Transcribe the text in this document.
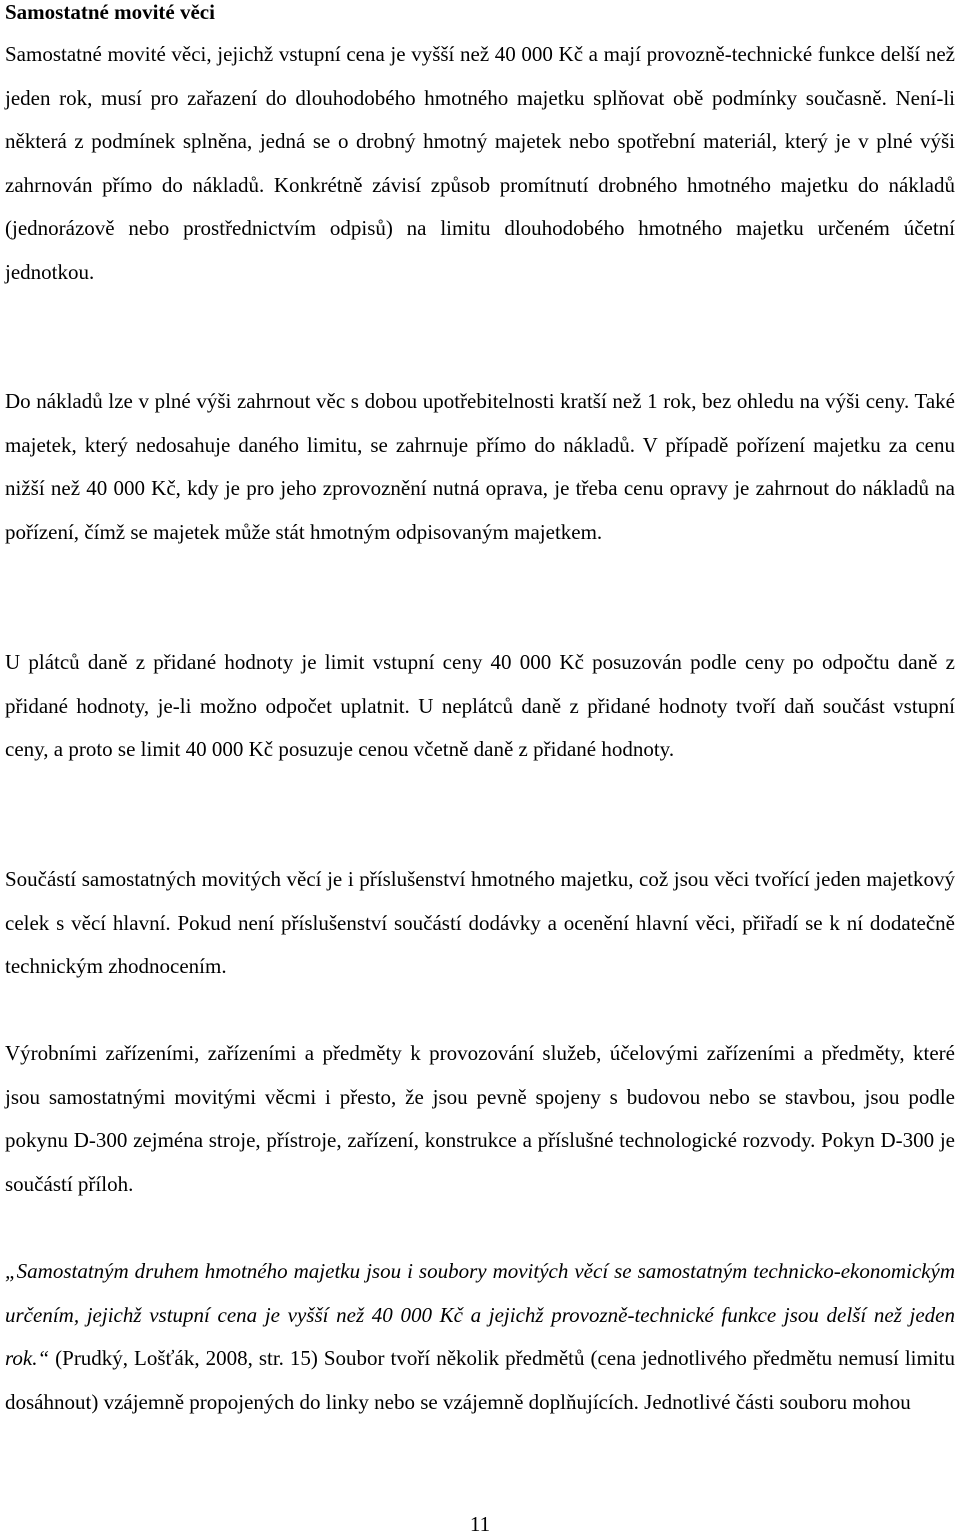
Samostatné movité věci

Samostatné movité věci, jejichž vstupní cena je vyšší než 40 000 Kč a mají provozně-technické funkce delší než jeden rok, musí pro zařazení do dlouhodobého hmotného majetku splňovat obě podmínky současně. Není-li některá z podmínek splněna, jedná se o drobný hmotný majetek nebo spotřební materiál, který je v plné výši zahrnován přímo do nákladů. Konkrétně závisí způsob promítnutí drobného hmotného majetku do nákladů (jednorázově nebo prostřednictvím odpisů) na limitu dlouhodobého hmotného majetku určeném účetní jednotkou.

Do nákladů lze v plné výši zahrnout věc s dobou upotřebitelnosti kratší než 1 rok, bez ohledu na výši ceny. Také majetek, který nedosahuje daného limitu, se zahrnuje přímo do nákladů. V případě pořízení majetku za cenu nižší než 40 000 Kč, kdy je pro jeho zprovoznění nutná oprava, je třeba cenu opravy je zahrnout do nákladů na pořízení, čímž se majetek může stát hmotným odpisovaným majetkem.

U plátců daně z přidané hodnoty je limit vstupní ceny 40 000 Kč posuzován podle ceny po odpočtu daně z přidané hodnoty, je-li možno odpočet uplatnit. U neplátců daně z přidané hodnoty tvoří daň součást vstupní ceny, a proto se limit 40 000 Kč posuzuje cenou včetně daně z přidané hodnoty.

Součástí samostatných movitých věcí je i příslušenství hmotného majetku, což jsou věci tvořící jeden majetkový celek s věcí hlavní. Pokud není příslušenství součástí dodávky a ocenění hlavní věci, přiřadí se k ní dodatečně technickým zhodnocením.

Výrobními zařízeními, zařízeními a předměty k provozování služeb, účelovými zařízeními a předměty, které jsou samostatnými movitými věcmi i přesto, že jsou pevně spojeny s budovou nebo se stavbou, jsou podle pokynu D-300 zejména stroje, přístroje, zařízení, konstrukce a příslušné technologické rozvody. Pokyn D-300 je součástí příloh.

„Samostatným druhem hmotného majetku jsou i soubory movitých věcí se samostatným technicko-ekonomickým určením, jejichž vstupní cena je vyšší než 40 000 Kč a jejichž provozně-technické funkce jsou delší než jeden rok.“ (Prudký, Lošťák, 2008, str. 15) Soubor tvoří několik předmětů (cena jednotlivého předmětu nemusí limitu dosáhnout) vzájemně propojených do linky nebo se vzájemně doplňujících. Jednotlivé části souboru mohou

11
